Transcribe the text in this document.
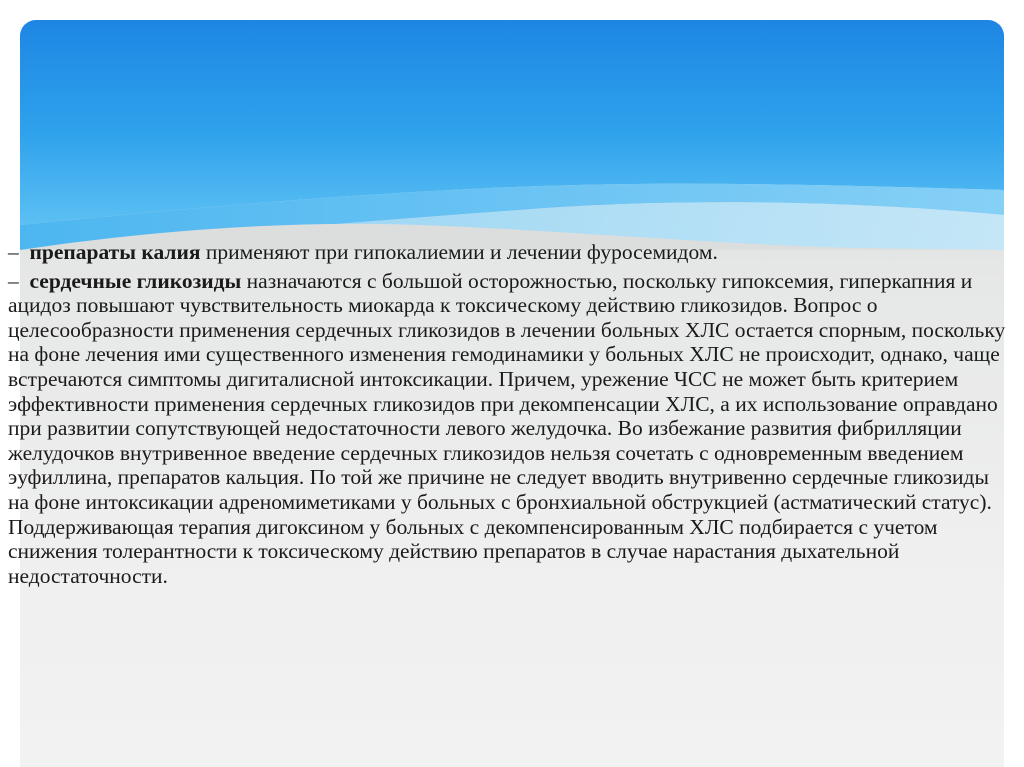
– препараты калия применяют при гипокалиемии и лечении фуросемидом.

– сердечные гликозиды назначаются с большой осторожностью, поскольку гипоксемия, гиперкапния и ацидоз повышают чувствительность миокарда к токсическому действию гликозидов. Вопрос о целесообразности применения сердечных гликозидов в лечении больных ХЛС остается спорным, поскольку на фоне лечения ими существенного изменения гемодинамики у больных ХЛС не происходит, однако, чаще встречаются симптомы дигиталисной интоксикации. Причем, урежение ЧСС не может быть критерием эффективности применения сердечных гликозидов при декомпенсации ХЛС, а их использование оправдано при развитии сопутствующей недостаточности левого желудочка. Во избежание развития фибрилляции желудочков внутривенное введение сердечных гликозидов нельзя сочетать с одновременным введением эуфиллина, препаратов кальция. По той же причине не следует вводить внутривенно сердечные гликозиды на фоне интоксикации адреномиметиками у больных с бронхиальной обструкцией (астматический статус). Поддерживающая терапия дигоксином у больных с декомпенсированным ХЛС подбирается с учетом снижения толерантности к токсическому действию препаратов в случае нарастания дыхательной недостаточности.
